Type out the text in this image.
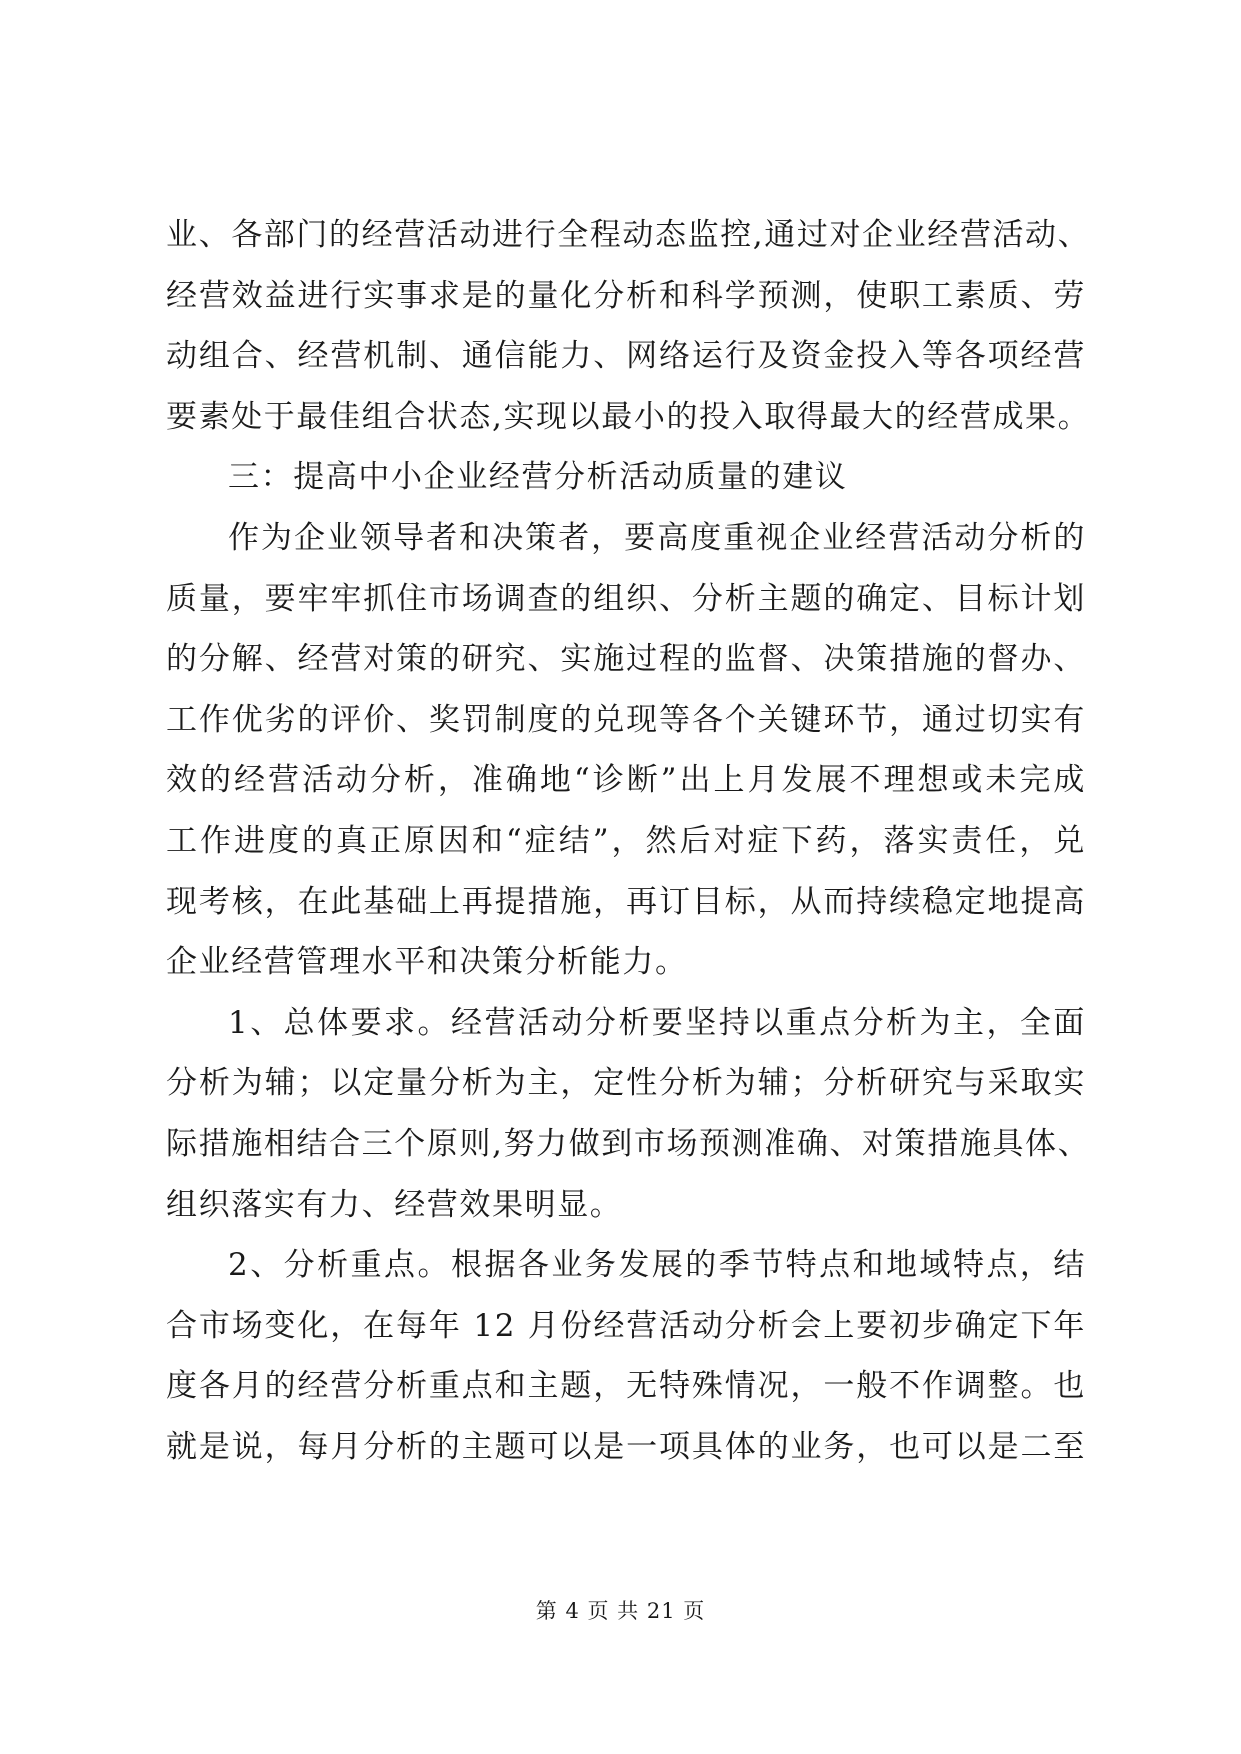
业、各部门的经营活动进行全程动态监控,通过对企业经营活动、
经营效益进行实事求是的量化分析和科学预测，使职工素质、劳
动组合、经营机制、通信能力、网络运行及资金投入等各项经营
要素处于最佳组合状态,实现以最小的投入取得最大的经营成果。
三：提高中小企业经营分析活动质量的建议
作为企业领导者和决策者，要高度重视企业经营活动分析的
质量，要牢牢抓住市场调查的组织、分析主题的确定、目标计划
的分解、经营对策的研究、实施过程的监督、决策措施的督办、
工作优劣的评价、奖罚制度的兑现等各个关键环节，通过切实有
效的经营活动分析，准确地“诊断”出上月发展不理想或未完成
工作进度的真正原因和“症结”，然后对症下药，落实责任，兑
现考核，在此基础上再提措施，再订目标，从而持续稳定地提高
企业经营管理水平和决策分析能力。
1、总体要求。经营活动分析要坚持以重点分析为主，全面
分析为辅；以定量分析为主，定性分析为辅；分析研究与采取实
际措施相结合三个原则,努力做到市场预测准确、对策措施具体、
组织落实有力、经营效果明显。
2、分析重点。根据各业务发展的季节特点和地域特点，结
合市场变化，在每年 12 月份经营活动分析会上要初步确定下年
度各月的经营分析重点和主题，无特殊情况，一般不作调整。也
就是说，每月分析的主题可以是一项具体的业务，也可以是二至
第 4 页 共 21 页
